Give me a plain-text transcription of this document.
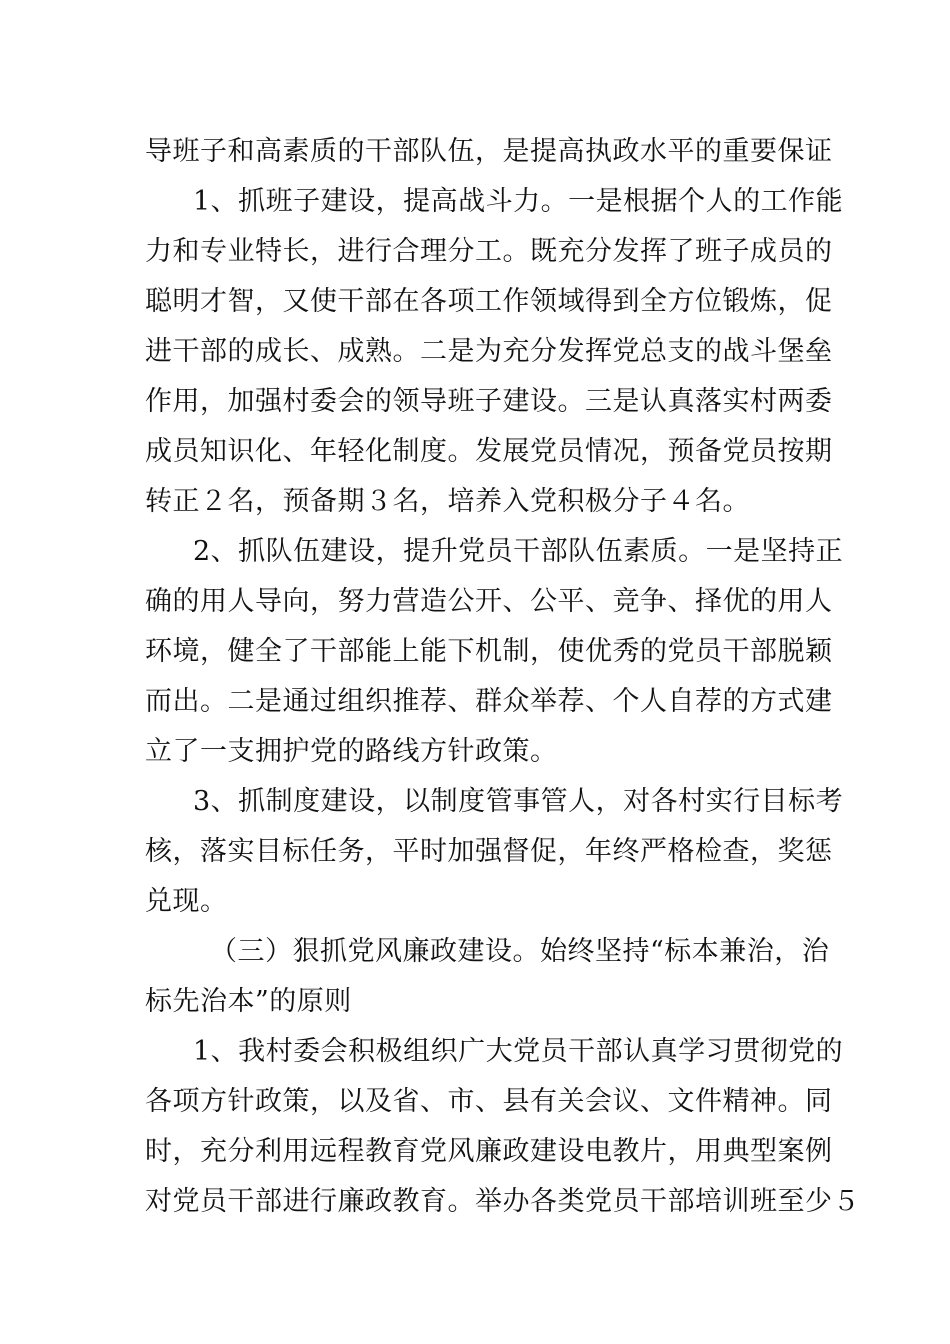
导班子和高素质的干部队伍，是提高执政水平的重要保证
1、抓班子建设，提高战斗力。一是根据个人的工作能
力和专业特长，进行合理分工。既充分发挥了班子成员的
聪明才智，又使干部在各项工作领域得到全方位锻炼，促
进干部的成长、成熟。二是为充分发挥党总支的战斗堡垒
作用，加强村委会的领导班子建设。三是认真落实村两委
成员知识化、年轻化制度。发展党员情况，预备党员按期
转正２名，预备期３名，培养入党积极分子４名。
2、抓队伍建设，提升党员干部队伍素质。一是坚持正
确的用人导向，努力营造公开、公平、竞争、择优的用人
环境，健全了干部能上能下机制，使优秀的党员干部脱颖
而出。二是通过组织推荐、群众举荐、个人自荐的方式建
立了一支拥护党的路线方针政策。
3、抓制度建设，以制度管事管人，对各村实行目标考
核，落实目标任务，平时加强督促，年终严格检查，奖惩
兑现。
（三）狠抓党风廉政建设。始终坚持“标本兼治，治
标先治本”的原则
1、我村委会积极组织广大党员干部认真学习贯彻党的
各项方针政策，以及省、市、县有关会议、文件精神。同
时，充分利用远程教育党风廉政建设电教片，用典型案例
对党员干部进行廉政教育。举办各类党员干部培训班至少５
